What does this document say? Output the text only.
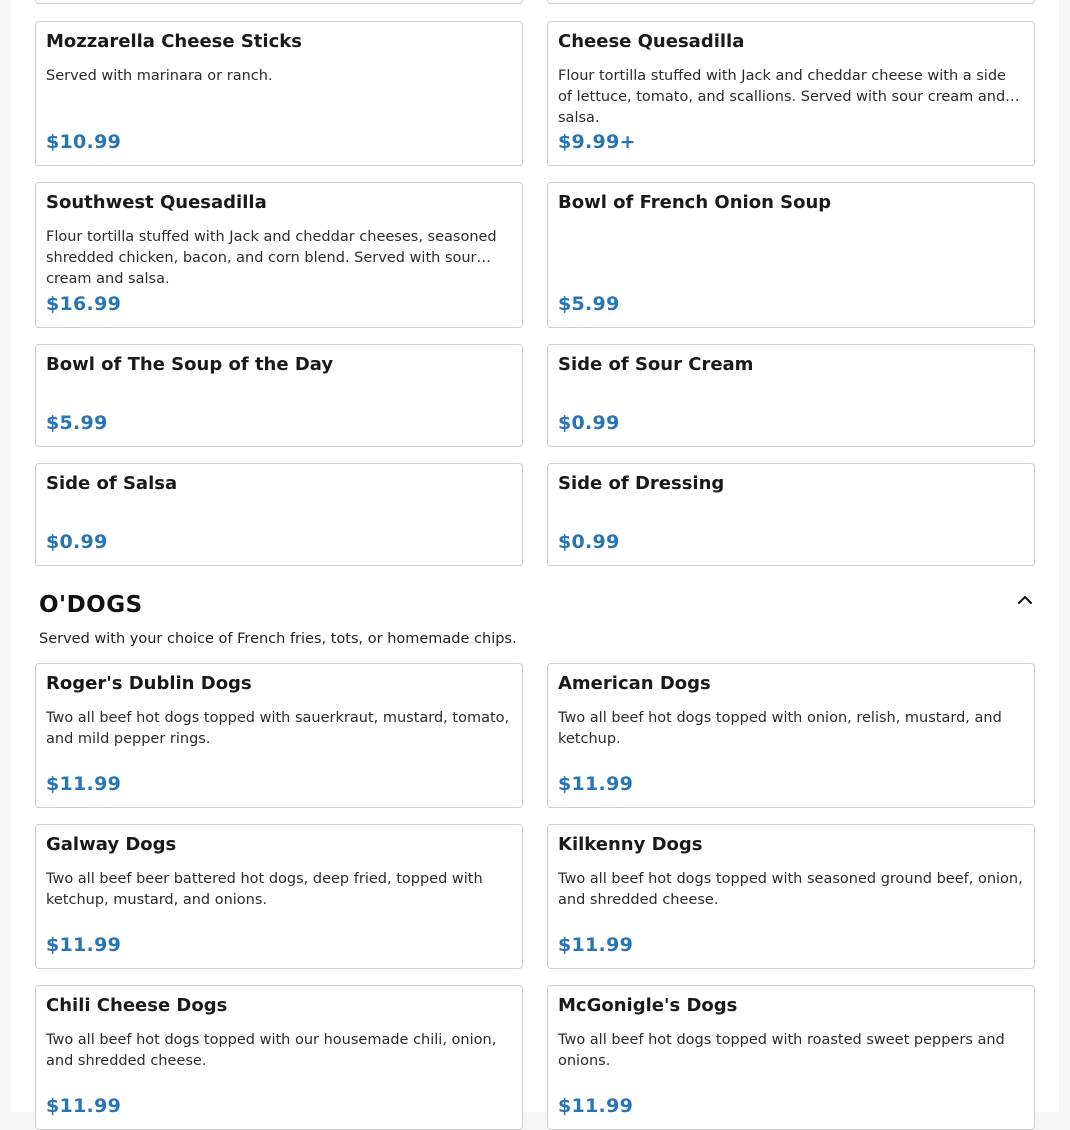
Mozzarella Cheese Sticks
Served with marinara or ranch.
$10.99
Cheese Quesadilla
Flour tortilla stuffed with Jack and cheddar cheese with a side of lettuce, tomato, and scallions. Served with sour cream and salsa.
$9.99+
Southwest Quesadilla
Flour tortilla stuffed with Jack and cheddar cheeses, seasoned shredded chicken, bacon, and corn blend. Served with sour cream and salsa.
$16.99
Bowl of French Onion Soup
$5.99
Bowl of The Soup of the Day
$5.99
Side of Sour Cream
$0.99
Side of Salsa
$0.99
Side of Dressing
$0.99
O'DOGS
Served with your choice of French fries, tots, or homemade chips.
Roger's Dublin Dogs
Two all beef hot dogs topped with sauerkraut, mustard, tomato, and mild pepper rings.
$11.99
American Dogs
Two all beef hot dogs topped with onion, relish, mustard, and ketchup.
$11.99
Galway Dogs
Two all beef beer battered hot dogs, deep fried, topped with ketchup, mustard, and onions.
$11.99
Kilkenny Dogs
Two all beef hot dogs topped with seasoned ground beef, onion, and shredded cheese.
$11.99
Chili Cheese Dogs
Two all beef hot dogs topped with our housemade chili, onion, and shredded cheese.
$11.99
McGonigle's Dogs
Two all beef hot dogs topped with roasted sweet peppers and onions.
$11.99
